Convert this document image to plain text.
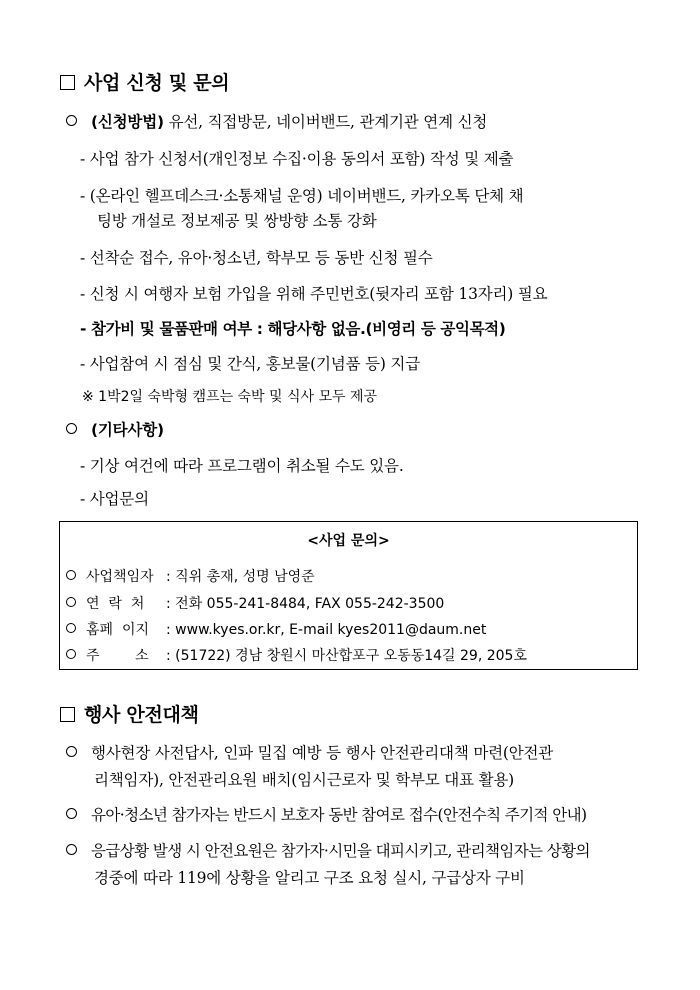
사업 신청 및 문의
(신청방법) 유선, 직접방문, 네이버밴드, 관계기관 연계 신청
- 사업 참가 신청서(개인정보 수집·이용 동의서 포함) 작성 및 제출
- (온라인 헬프데스크·소통채널 운영) 네이버밴드, 카카오톡 단체 채
팅방 개설로 정보제공 및 쌍방향 소통 강화
- 선착순 접수, 유아·청소년, 학부모 등 동반 신청 필수
- 신청 시 여행자 보험 가입을 위해 주민번호(뒷자리 포함 13자리) 필요
- 참가비 및 물품판매 여부 : 해당사항 없음.(비영리 등 공익목적)
- 사업참여 시 점심 및 간식, 홍보물(기념품 등) 지급
※ 1박2일 숙박형 캠프는 숙박 및 식사 모두 제공
(기타사항)
- 기상 여건에 따라 프로그램이 취소될 수도 있음.
- 사업문의
<사업 문의>
사업책임자 : 직위 총재, 성명 남영준
연  락  처 : 전화 055-241-8484, FAX 055-242-3500
홈페  이지 : www.kyes.or.kr, E-mail kyes2011@daum.net
주        소 : (51722) 경남 창원시 마산합포구 오동동14길 29, 205호
행사 안전대책
행사현장 사전답사, 인파 밀집 예방 등 행사 안전관리대책 마련(안전관
리책임자), 안전관리요원 배치(임시근로자 및 학부모 대표 활용)
유아·청소년 참가자는 반드시 보호자 동반 참여로 접수(안전수칙 주기적 안내)
응급상황 발생 시 안전요원은 참가자·시민을 대피시키고, 관리책임자는 상황의
경중에 따라 119에 상황을 알리고 구조 요청 실시, 구급상자 구비
